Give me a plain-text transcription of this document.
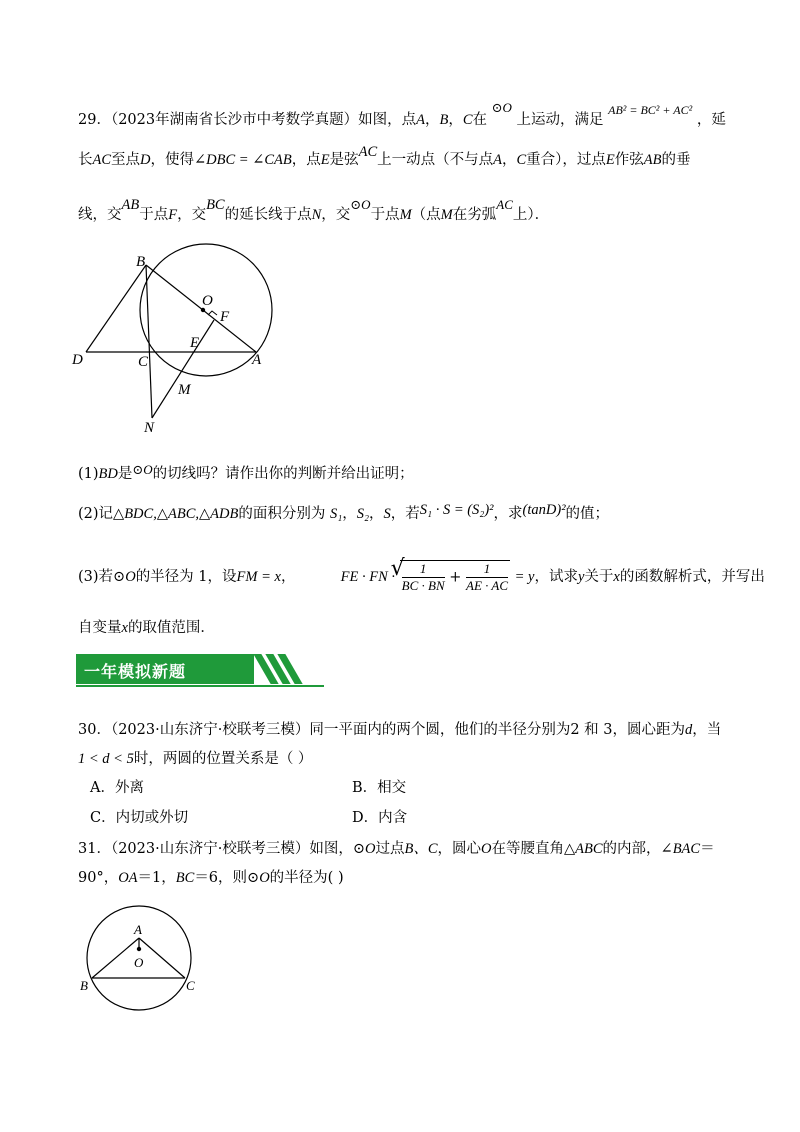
29．（2023年湖南省长沙市中考数学真题）如图，点A，B，C在 ⊙O 上运动，满足 $^{AB^2 = BC^2 + AC^2}$ ，延
长AC至点D，使得∠DBC = ∠CAB，点E是弦AC上一动点（不与点A，C重合），过点E作弦AB的垂
线，交AB于点F，交BC的延长线于点N，交⊙O于点M（点M在劣弧AC上）．
B
O
F
D	C
E
A
M
N
(1)BD是⊙O的切线吗？请作出你的判断并给出证明；
(2)记△BDC,△ABC,△ADB的面积分别为 S₁，S₂，S，若S₁ · S = (S₂)²，求(tanD)²的值；
(3)若⊙O的半径为 1，设FM = x，	FE · FN ·
√
$\frac{1}{BC \cdot BN} + \frac{1}{AE \cdot AC} = y$，试求y关于x的函数解析式，并写出
自变量x的取值范围．
一年模拟新题
30．（2023·山东济宁·校联考三模）同一平面内的两个圆，他们的半径分别为2 和 3，圆心距为d，当
1 < d < 5时，两圆的位置关系是（ ）
A．外离	B．相交
C．内切或外切	D．内含
31．（2023·山东济宁·校联考三模）如图，⊙O过点B、C，圆心O在等腰直角△ABC的内部，∠BAC＝
90°，OA＝1，BC＝6，则⊙O的半径为( )
A
O
B	C
